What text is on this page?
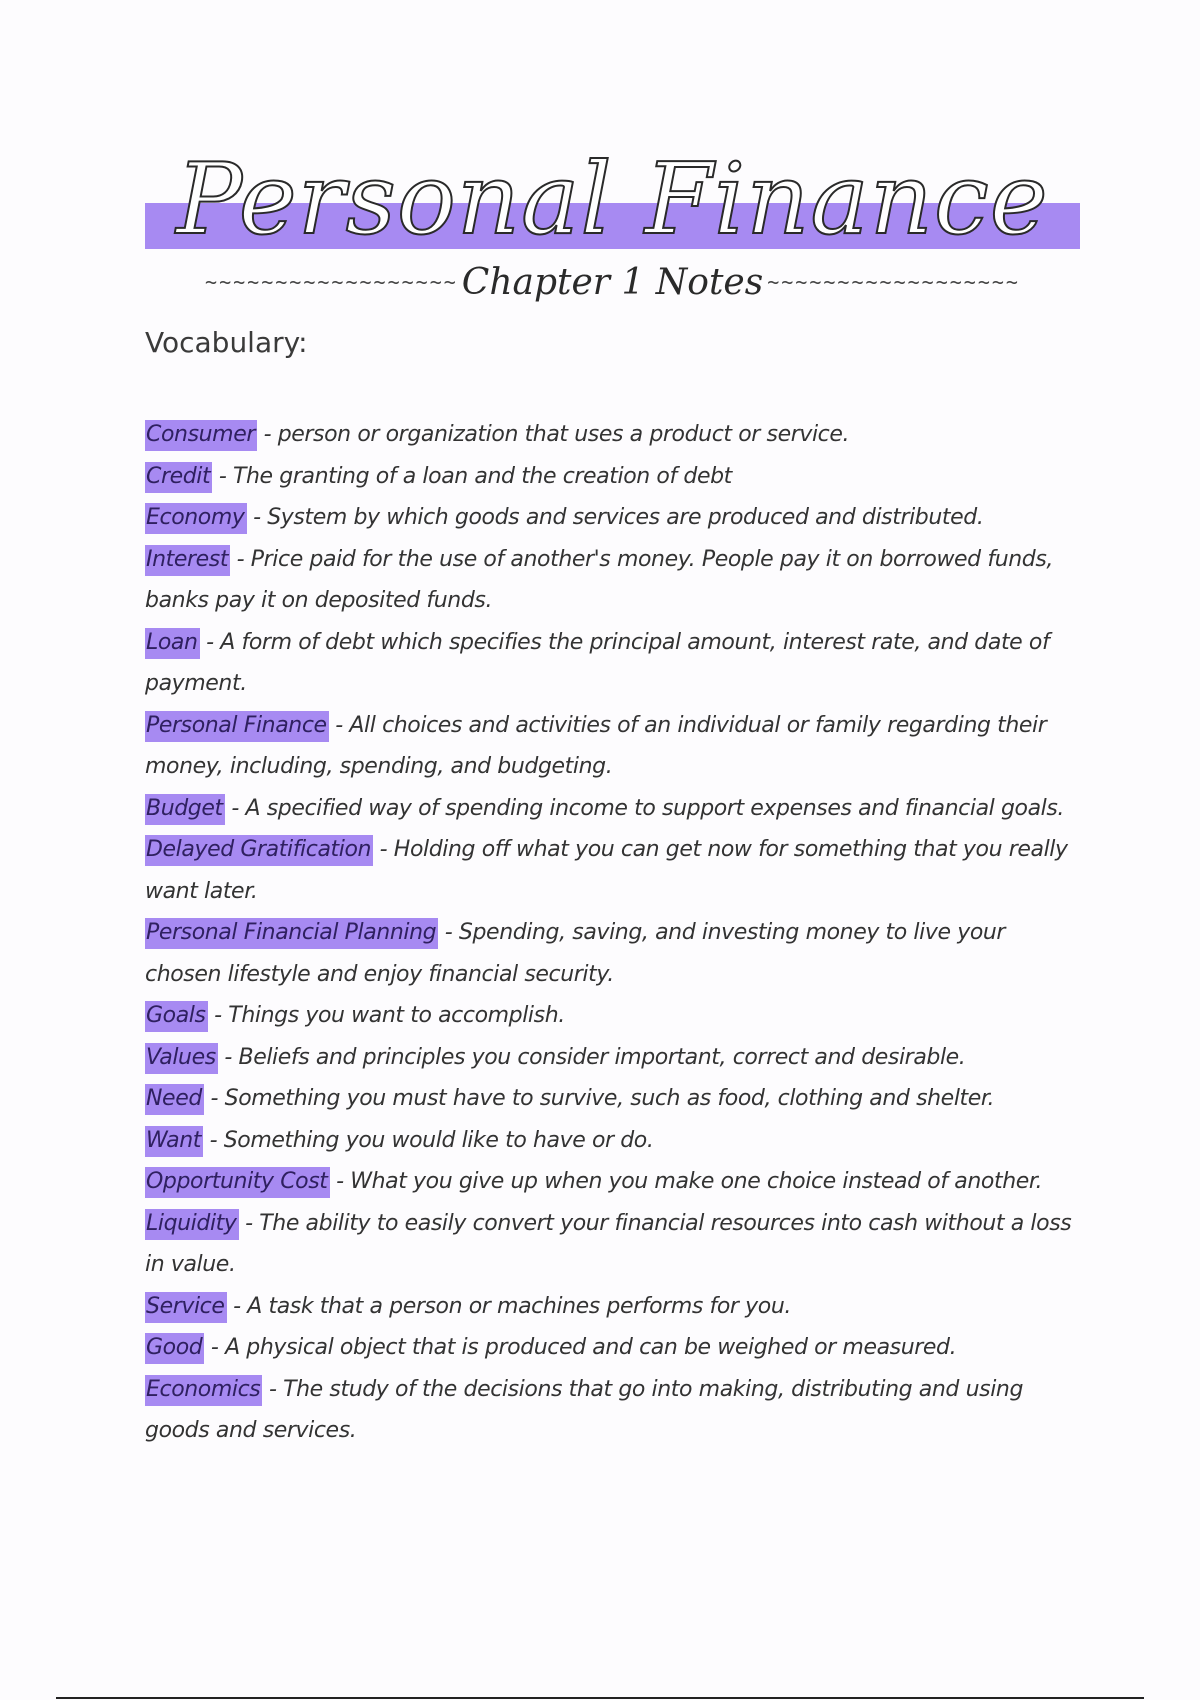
Personal Finance
~~~~~~~~~~~~~~~~~~ Chapter 1 Notes ~~~~~~~~~~~~~~~~~~
Vocabulary:
Consumer - person or organization that uses a product or service.
Credit - The granting of a loan and the creation of debt
Economy - System by which goods and services are produced and distributed.
Interest - Price paid for the use of another's money. People pay it on borrowed funds, banks pay it on deposited funds.
Loan - A form of debt which specifies the principal amount, interest rate, and date of payment.
Personal Finance - All choices and activities of an individual or family regarding their money, including, spending, and budgeting.
Budget - A specified way of spending income to support expenses and financial goals.
Delayed Gratification - Holding off what you can get now for something that you really want later.
Personal Financial Planning - Spending, saving, and investing money to live your chosen lifestyle and enjoy financial security.
Goals - Things you want to accomplish.
Values - Beliefs and principles you consider important, correct and desirable.
Need - Something you must have to survive, such as food, clothing and shelter.
Want - Something you would like to have or do.
Opportunity Cost - What you give up when you make one choice instead of another.
Liquidity - The ability to easily convert your financial resources into cash without a loss in value.
Service - A task that a person or machines performs for you.
Good - A physical object that is produced and can be weighed or measured.
Economics - The study of the decisions that go into making, distributing and using goods and services.
